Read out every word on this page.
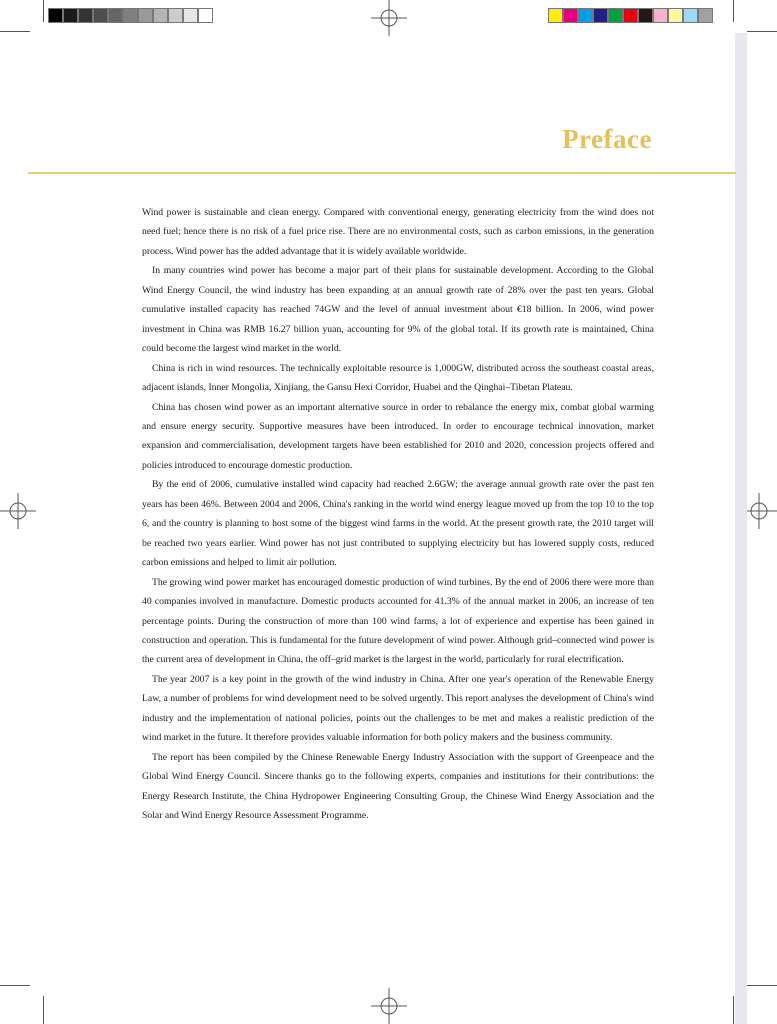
Preface

Wind power is sustainable and clean energy. Compared with conventional energy, generating electricity from the wind does not need fuel; hence there is no risk of a fuel price rise. There are no environmental costs, such as carbon emissions, in the generation process. Wind power has the added advantage that it is widely available worldwide.

In many countries wind power has become a major part of their plans for sustainable development. According to the Global Wind Energy Council, the wind industry has been expanding at an annual growth rate of 28% over the past ten years. Global cumulative installed capacity has reached 74GW and the level of annual investment about €18 billion. In 2006, wind power investment in China was RMB 16.27 billion yuan, accounting for 9% of the global total. If its growth rate is maintained, China could become the largest wind market in the world.

China is rich in wind resources. The technically exploitable resource is 1,000GW, distributed across the southeast coastal areas, adjacent islands, Inner Mongolia, Xinjiang, the Gansu Hexi Corridor, Huabei and the Qinghai–Tibetan Plateau.

China has chosen wind power as an important alternative source in order to rebalance the energy mix, combat global warming and ensure energy security. Supportive measures have been introduced. In order to encourage technical innovation, market expansion and commercialisation, development targets have been established for 2010 and 2020, concession projects offered and policies introduced to encourage domestic production.

By the end of 2006, cumulative installed wind capacity had reached 2.6GW; the average annual growth rate over the past ten years has been 46%. Between 2004 and 2006, China's ranking in the world wind energy league moved up from the top 10 to the top 6, and the country is planning to host some of the biggest wind farms in the world. At the present growth rate, the 2010 target will be reached two years earlier. Wind power has not just contributed to supplying electricity but has lowered supply costs, reduced carbon emissions and helped to limit air pollution.

The growing wind power market has encouraged domestic production of wind turbines. By the end of 2006 there were more than 40 companies involved in manufacture. Domestic products accounted for 41.3% of the annual market in 2006, an increase of ten percentage points. During the construction of more than 100 wind farms, a lot of experience and expertise has been gained in construction and operation. This is fundamental for the future development of wind power. Although grid–connected wind power is the current area of development in China, the off–grid market is the largest in the world, particularly for rural electrification.

The year 2007 is a key point in the growth of the wind industry in China. After one year's operation of the Renewable Energy Law, a number of problems for wind development need to be solved urgently. This report analyses the development of China's wind industry and the implementation of national policies, points out the challenges to be met and makes a realistic prediction of the wind market in the future. It therefore provides valuable information for both policy makers and the business community.

The report has been compiled by the Chinese Renewable Energy Industry Association with the support of Greenpeace and the Global Wind Energy Council. Sincere thanks go to the following experts, companies and institutions for their contributions: the Energy Research Institute, the China Hydropower Engineering Consulting Group, the Chinese Wind Energy Association and the Solar and Wind Energy Resource Assessment Programme.
